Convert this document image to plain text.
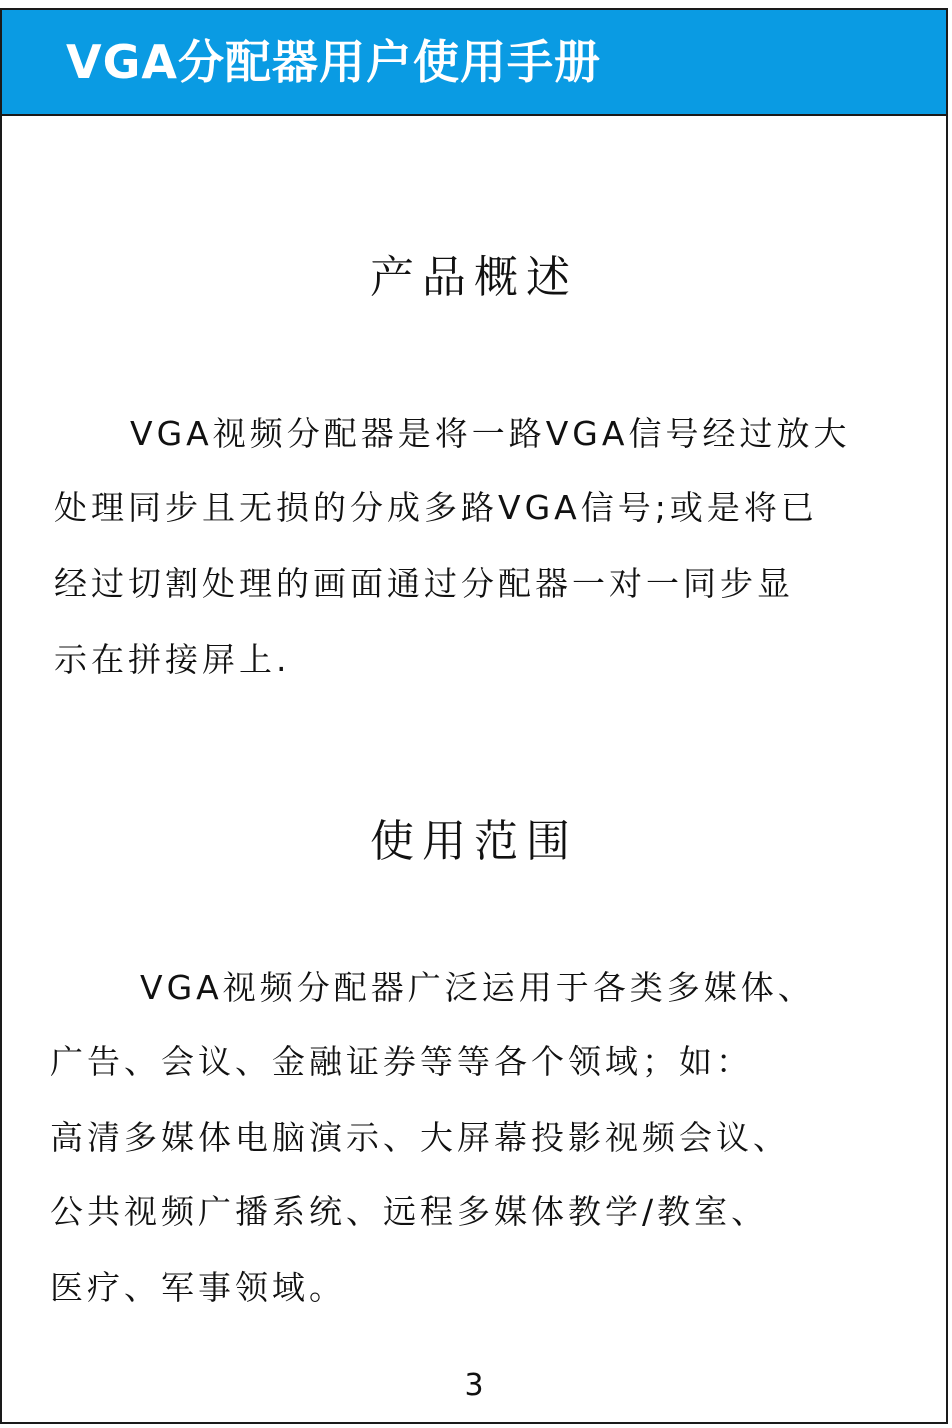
VGA分配器用户使用手册
产品概述
VGA视频分配器是将一路VGA信号经过放大
处理同步且无损的分成多路VGA信号;或是将已
经过切割处理的画面通过分配器一对一同步显
示在拼接屏上.
使用范围
VGA视频分配器广泛运用于各类多媒体、
广告、会议、金融证券等等各个领域；如：
高清多媒体电脑演示、大屏幕投影视频会议、
公共视频广播系统、远程多媒体教学/教室、
医疗、军事领域。
3
